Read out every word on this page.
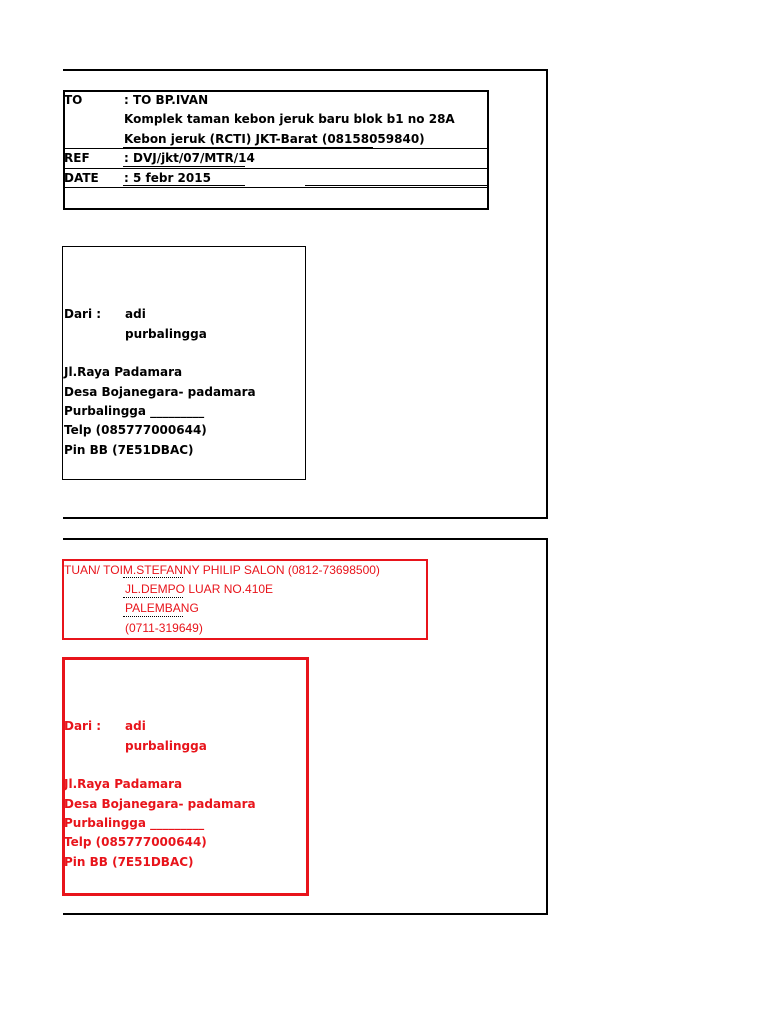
TO	: TO BP.IVAN
Komplek taman kebon jeruk baru blok b1 no 28A
Kebon jeruk (RCTI) JKT-Barat (08158059840)
REF	: DVJ/jkt/07/MTR/14
DATE : 5 febr 2015
Dari : adi
purbalingga
Jl.Raya Padamara
Desa Bojanegara- padamara
Purbalingga _________
Telp (085777000644)
Pin BB (7E51DBAC)
TUAN/ TOIM.STEFANNY PHILIP SALON (0812-73698500)
JL.DEMPO LUAR NO.410E
PALEMBANG
(0711-319649)
Dari : adi
purbalingga
Jl.Raya Padamara
Desa Bojanegara- padamara
Purbalingga _________
Telp (085777000644)
Pin BB (7E51DBAC)
